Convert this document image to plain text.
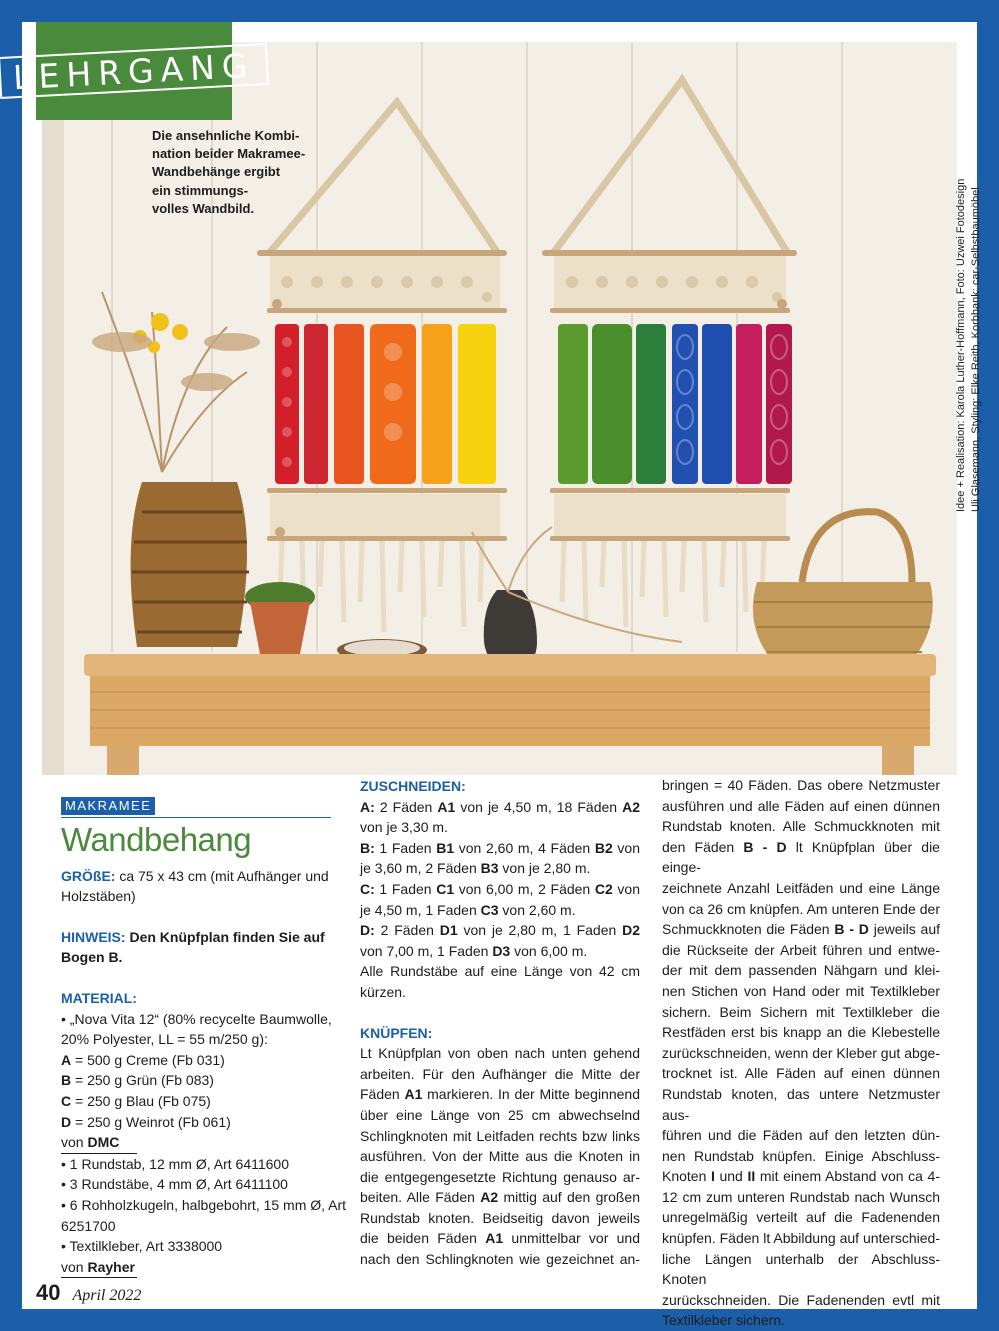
Die ansehnliche Kombi-
nation beider Makramee-
Wandbehänge ergibt
ein stimmungs-
volles Wandbild.	Idee + Realisation: Karola Luther-Hoffmann, Foto: Uzwei Fotodesign Uli Glasemann, Styling: Elke Reith, Korbbank: car-Selbstbaumöbel
LEHRGANG
MAKRAMEE
Wandbehang

GRÖßE: ca 75 x 43 cm (mit Aufhänger und Holzstäben)

HINWEIS: Den Knüpfplan finden Sie auf Bogen B.

MATERIAL:

• „Nova Vita 12“ (80% recycelte Baumwolle, 20% Polyester, LL = 55 m/250 g):

A = 500 g Creme (Fb 031)

B = 250 g Grün (Fb 083)

C = 250 g Blau (Fb 075)

D = 250 g Weinrot (Fb 061)

von DMC

• 1 Rundstab, 12 mm Ø, Art 6411600

• 3 Rundstäbe, 4 mm Ø, Art 6411100

• 6 Rohholzkugeln, halbgebohrt, 15 mm Ø, Art 6251700

• Textilkleber, Art 3338000

von Rayher

ZUSCHNEIDEN:

A: 2 Fäden A1 von je 4,50 m, 18 Fäden A2 von je 3,30 m.

B: 1 Faden B1 von 2,60 m, 4 Fäden B2 von je 3,60 m, 2 Fäden B3 von je 2,80 m.

C: 1 Faden C1 von 6,00 m, 2 Fäden C2 von je 4,50 m, 1 Faden C3 von 2,60 m.

D: 2 Fäden D1 von je 2,80 m, 1 Faden D2 von 7,00 m, 1 Faden D3 von 6,00 m.

Alle Rundstäbe auf eine Länge von 42 cm kürzen.

KNÜPFEN:

Lt Knüpfplan von oben nach unten gehend
arbeiten. Für den Aufhänger die Mitte der
Fäden A1 markieren. In der Mitte beginnend
über eine Länge von 25 cm abwechselnd
Schlingknoten mit Leitfaden rechts bzw links
ausführen. Von der Mitte aus die Knoten in
die entgegengesetzte Richtung genauso ar-
beiten. Alle Fäden A2 mittig auf den großen
Rundstab knoten. Beidseitig davon jeweils
die beiden Fäden A1 unmittelbar vor und
nach den Schlingknoten wie gezeichnet an-
bringen = 40 Fäden. Das obere Netzmuster
ausführen und alle Fäden auf einen dünnen
Rundstab knoten. Alle Schmuckknoten mit
den Fäden B - D lt Knüpfplan über die einge-
zeichnete Anzahl Leitfäden und eine Länge
von ca 26 cm knüpfen. Am unteren Ende der
Schmuckknoten die Fäden B - D jeweils auf
die Rückseite der Arbeit führen und entwe-
der mit dem passenden Nähgarn und klei-
nen Stichen von Hand oder mit Textilkleber
sichern. Beim Sichern mit Textilkleber die
Restfäden erst bis knapp an die Klebestelle
zurückschneiden, wenn der Kleber gut abge-
trocknet ist. Alle Fäden auf einen dünnen
Rundstab knoten, das untere Netzmuster aus-
führen und die Fäden auf den letzten dün-
nen Rundstab knüpfen. Einige Abschluss-
Knoten I und II mit einem Abstand von ca 4-
12 cm zum unteren Rundstab nach Wunsch
unregelmäßig verteilt auf die Fadenenden
knüpfen. Fäden lt Abbildung auf unterschied-
liche Längen unterhalb der Abschluss-Knoten
zurückschneiden. Die Fadenenden evtl mit
Textilkleber sichern.
40 April 2022
